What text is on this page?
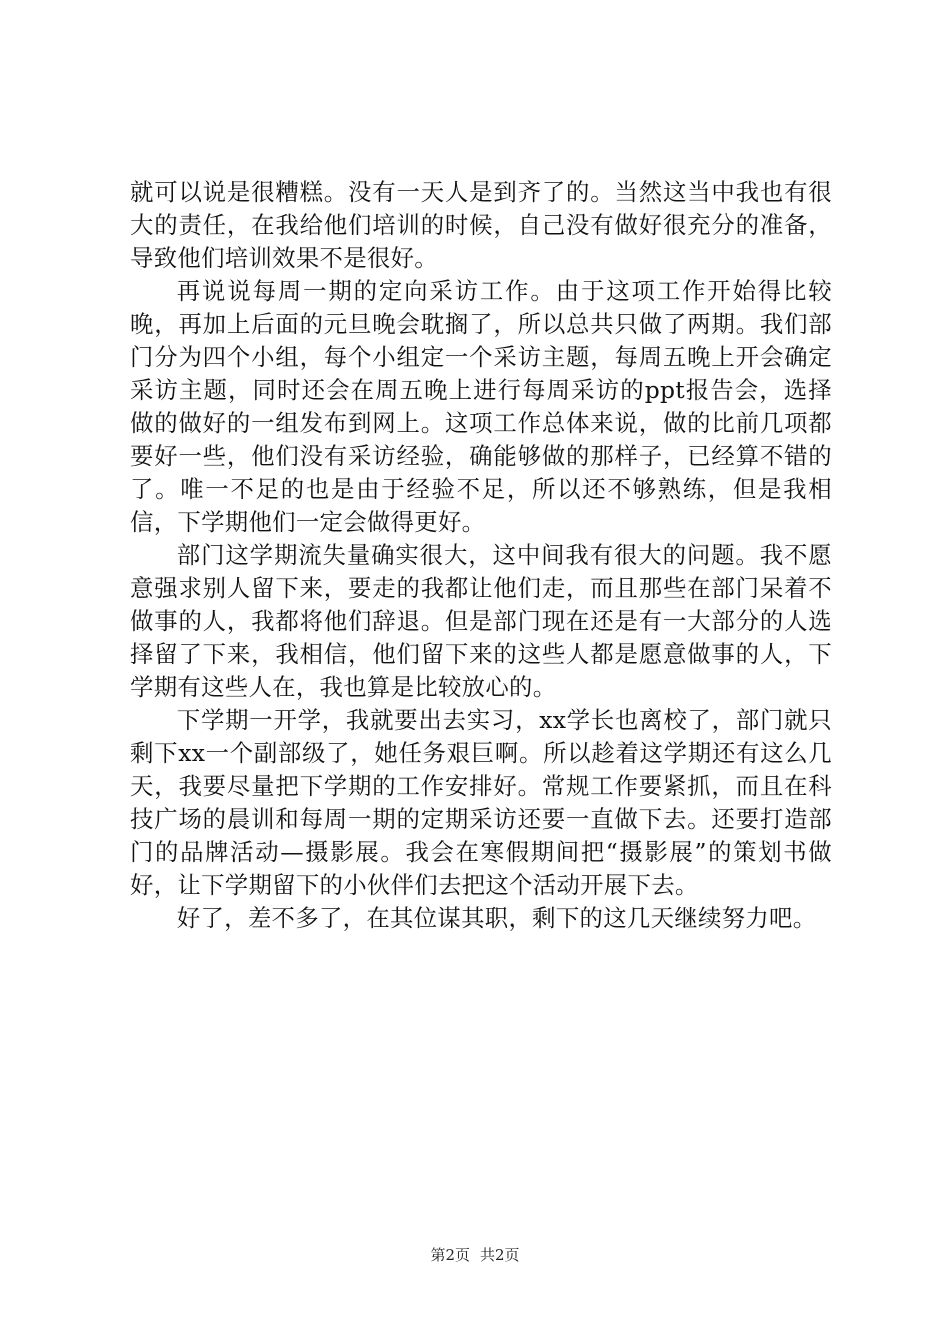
就可以说是很糟糕。没有一天人是到齐了的。当然这当中我也有很大的责任，在我给他们培训的时候，自己没有做好很充分的准备，导致他们培训效果不是很好。

再说说每周一期的定向采访工作。由于这项工作开始得比较晚，再加上后面的元旦晚会耽搁了，所以总共只做了两期。我们部门分为四个小组，每个小组定一个采访主题，每周五晚上开会确定采访主题，同时还会在周五晚上进行每周采访的ppt报告会，选择做的做好的一组发布到网上。这项工作总体来说，做的比前几项都要好一些，他们没有采访经验，确能够做的那样子，已经算不错的了。唯一不足的也是由于经验不足，所以还不够熟练，但是我相信，下学期他们一定会做得更好。

部门这学期流失量确实很大，这中间我有很大的问题。我不愿意强求别人留下来，要走的我都让他们走，而且那些在部门呆着不做事的人，我都将他们辞退。但是部门现在还是有一大部分的人选择留了下来，我相信，他们留下来的这些人都是愿意做事的人，下学期有这些人在，我也算是比较放心的。

下学期一开学，我就要出去实习，xx学长也离校了，部门就只剩下xx一个副部级了，她任务艰巨啊。所以趁着这学期还有这么几天，我要尽量把下学期的工作安排好。常规工作要紧抓，而且在科技广场的晨训和每周一期的定期采访还要一直做下去。还要打造部门的品牌活动—摄影展。我会在寒假期间把“摄影展”的策划书做好，让下学期留下的小伙伴们去把这个活动开展下去。

好了，差不多了，在其位谋其职，剩下的这几天继续努力吧。

第2页 共2页
